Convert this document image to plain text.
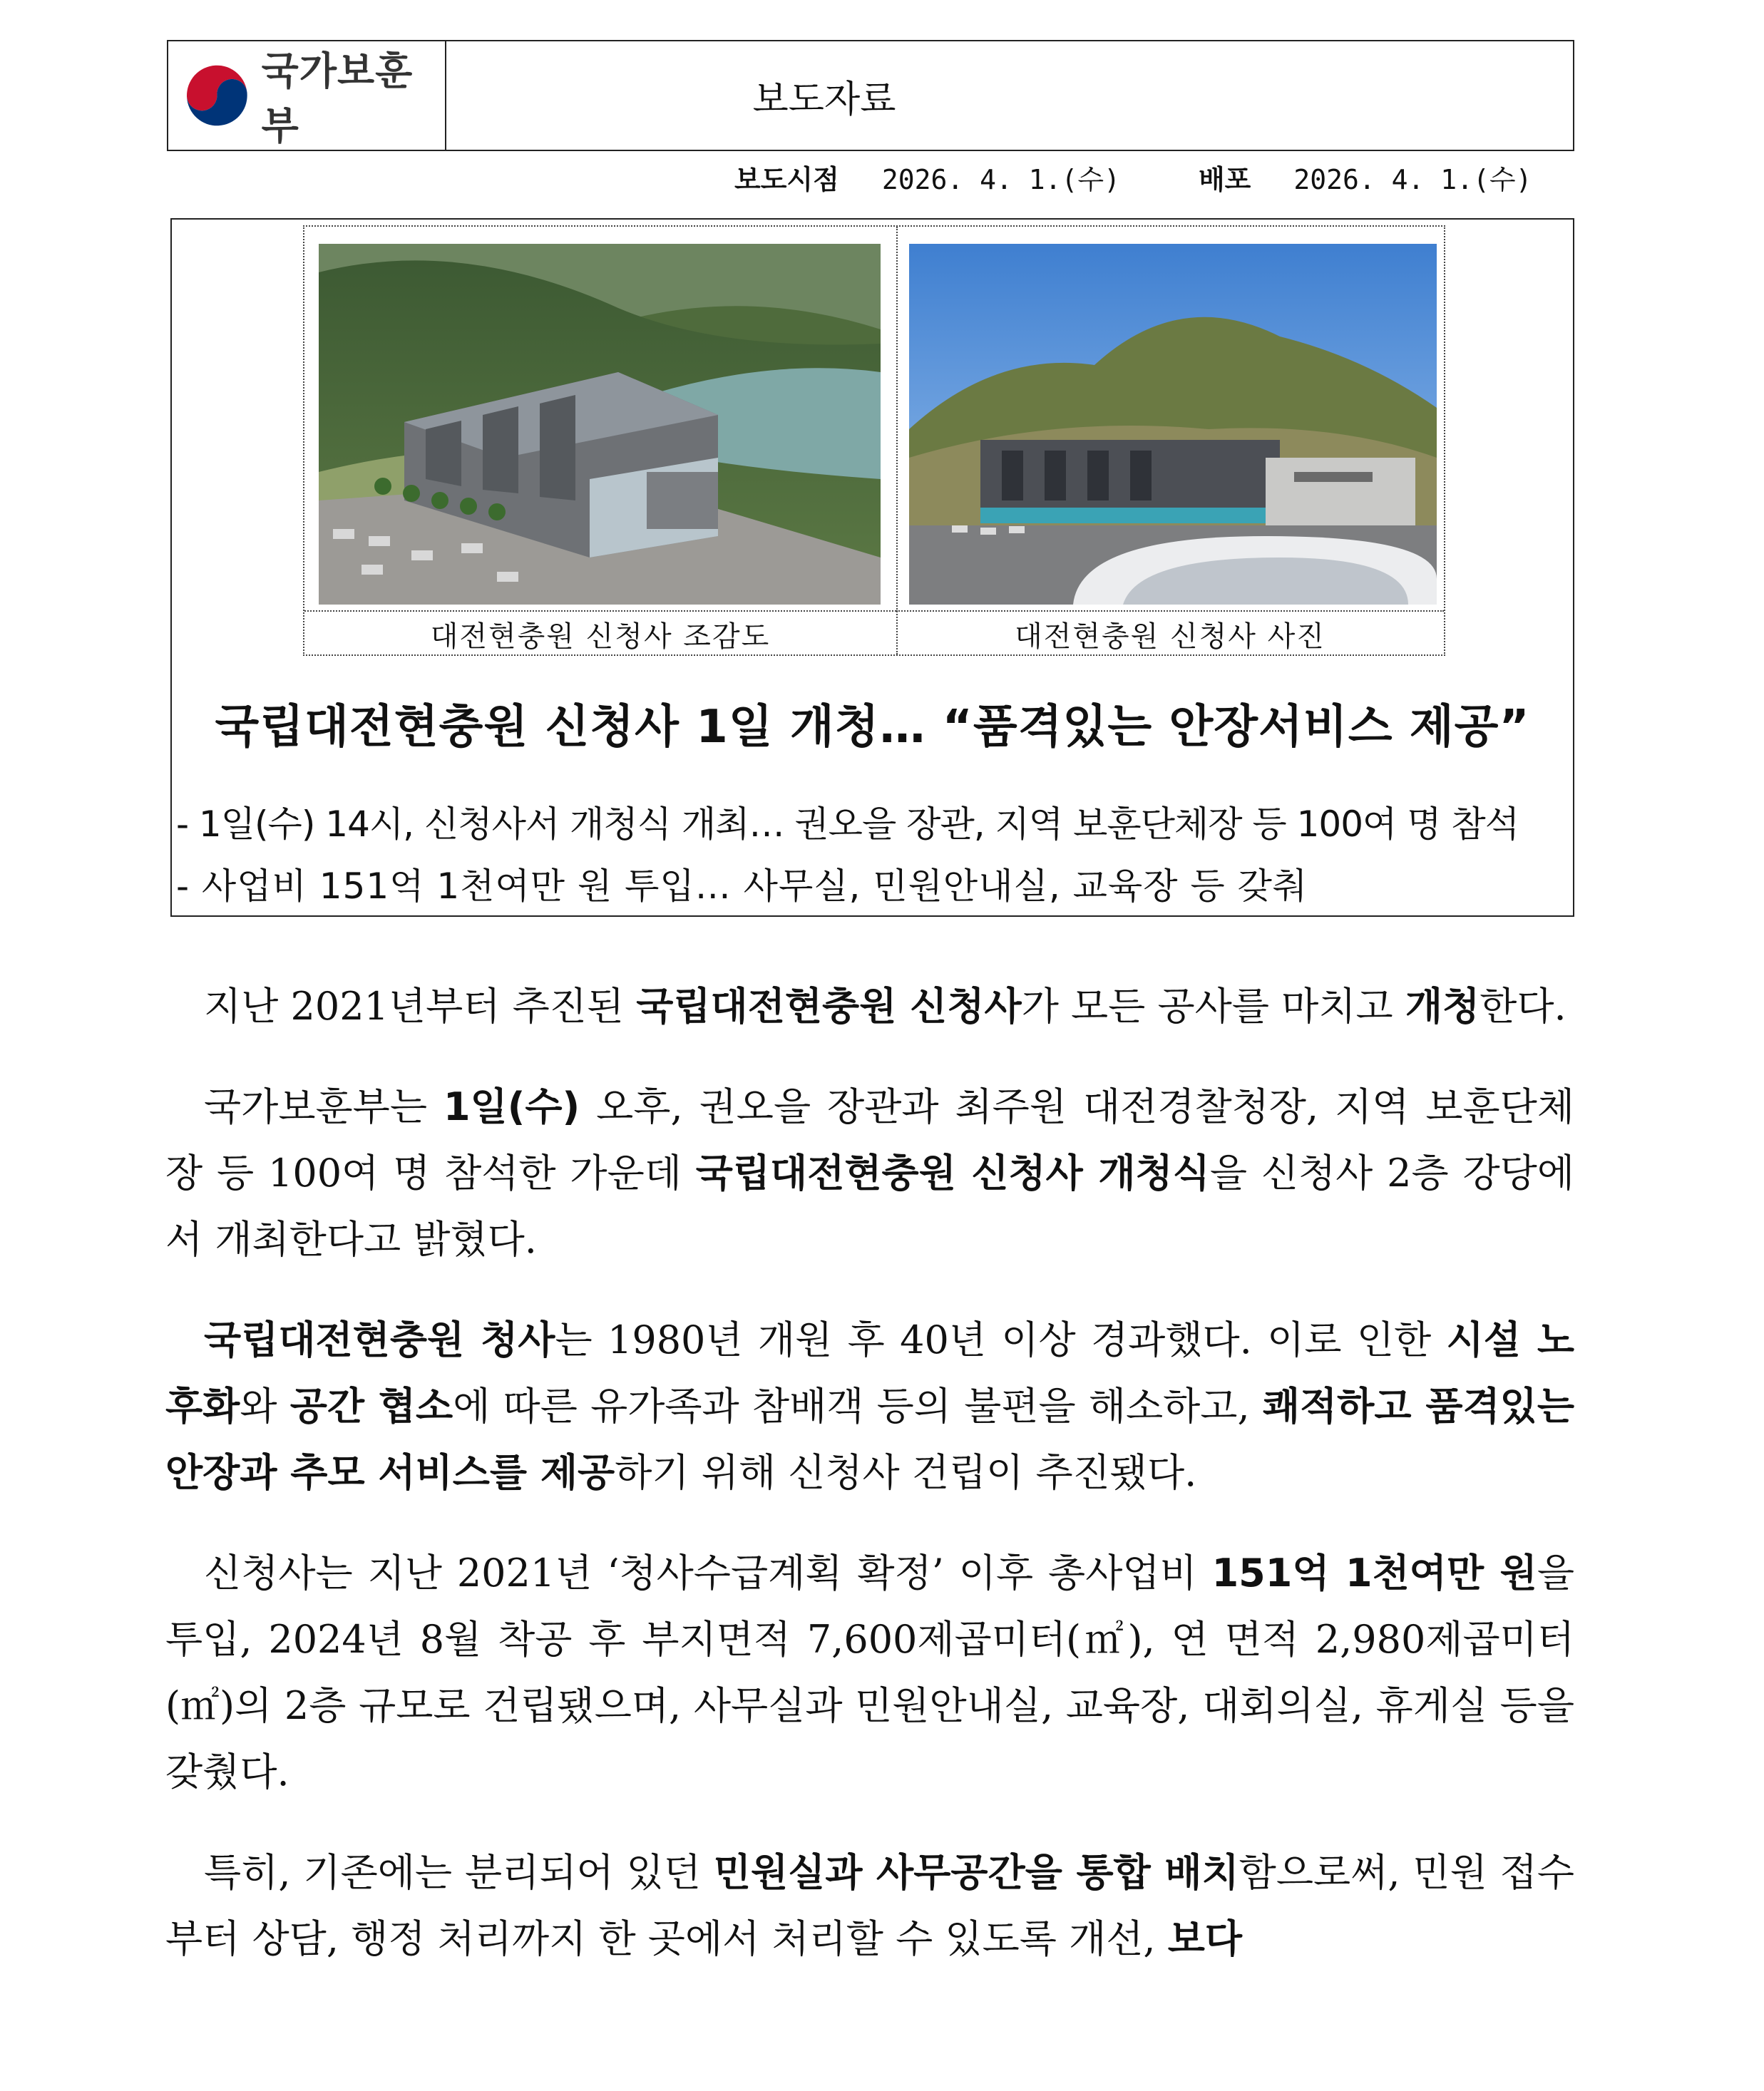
국가보훈부
보도자료
보도시점 2026. 4. 1.(수)	배포 2026. 4. 1.(수)
대전현충원 신청사 조감도	대전현충원 신청사 사진
국립대전현충원 신청사 1일 개청… “품격있는 안장서비스 제공”
- 1일(수) 14시, 신청사서 개청식 개최… 권오을 장관, 지역 보훈단체장 등 100여 명 참석
- 사업비 151억 1천여만 원 투입… 사무실, 민원안내실, 교육장 등 갖춰

지난 2021년부터 추진된 국립대전현충원 신청사가 모든 공사를 마치고 개청한다.

국가보훈부는 1일(수) 오후, 권오을 장관과 최주원 대전경찰청장, 지역 보훈단체장 등 100여 명 참석한 가운데 국립대전현충원 신청사 개청식을 신청사 2층 강당에서 개최한다고 밝혔다.

국립대전현충원 청사는 1980년 개원 후 40년 이상 경과했다. 이로 인한 시설 노후화와 공간 협소에 따른 유가족과 참배객 등의 불편을 해소하고, 쾌적하고 품격있는 안장과 추모 서비스를 제공하기 위해 신청사 건립이 추진됐다.

신청사는 지난 2021년 ‘청사수급계획 확정’ 이후 총사업비 151억 1천여만 원을 투입, 2024년 8월 착공 후 부지면적 7,600제곱미터(㎡), 연 면적 2,980제곱미터(㎡)의 2층 규모로 건립됐으며, 사무실과 민원안내실, 교육장, 대회의실, 휴게실 등을 갖췄다.

특히, 기존에는 분리되어 있던 민원실과 사무공간을 통합 배치함으로써, 민원 접수부터 상담, 행정 처리까지 한 곳에서 처리할 수 있도록 개선, 보다
